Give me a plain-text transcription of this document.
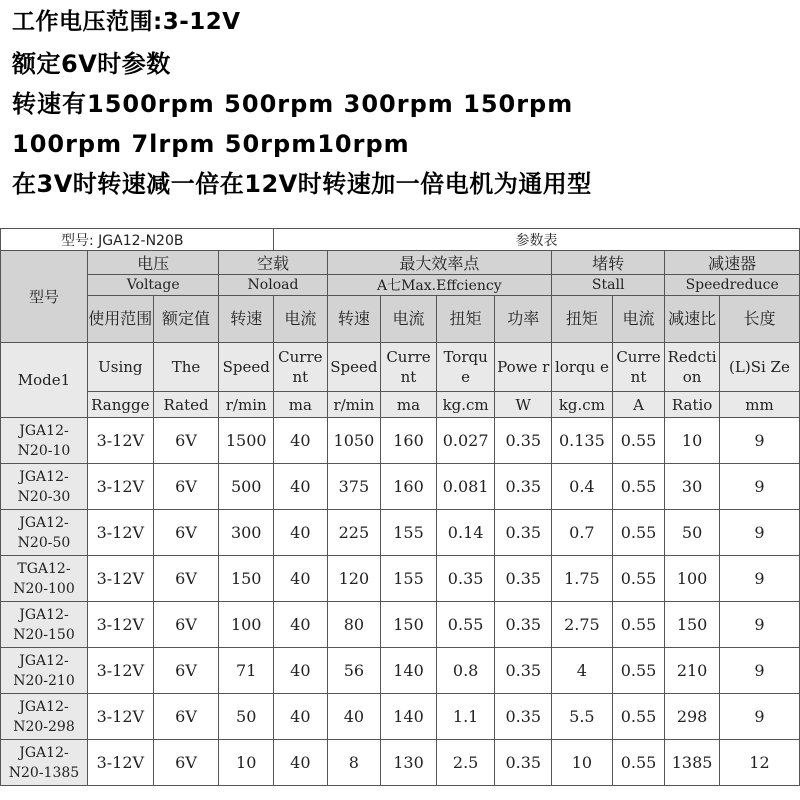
工作电压范围:3-12V
额定6V时参数
转速有1500rpm 500rpm 300rpm 150rpm
100rpm 7lrpm 50rpm10rpm
在3V时转速减一倍在12V时转速加一倍电机为通用型
型号: JGA12-N20B				参数表								
型号	电压		空载		最大效率点				堵转		减速器	
	Voltage		Noload		A七Max.Effciency				Stall		Speedreduce	
	使用范围	额定值	转速	电流	转速	电流	扭矩	功率	扭矩	电流	减速比	长度
Mode1	Using	The	Speed	Curre nt	Speed	Curre nt	Torqu e	Powe r	lorqu e	Curre nt	Redcti on	(L)Si Ze
	Rangge	Rated	r/min	ma	r/min	ma	kg.cm	W	kg.cm	A	Ratio	mm
JGA12-
N20-10	3-12V	6V	1500	40	1050	160	0.027	0.35	0.135	0.55	10	9
JGA12-
N20-30	3-12V	6V	500	40	375	160	0.081	0.35	0.4	0.55	30	9
JGA12-
N20-50	3-12V	6V	300	40	225	155	0.14	0.35	0.7	0.55	50	9
TGA12-
N20-100	3-12V	6V	150	40	120	155	0.35	0.35	1.75	0.55	100	9
JGA12-
N20-150	3-12V	6V	100	40	80	150	0.55	0.35	2.75	0.55	150	9
JGA12-
N20-210	3-12V	6V	71	40	56	140	0.8	0.35	4	0.55	210	9
JGA12-
N20-298	3-12V	6V	50	40	40	140	1.1	0.35	5.5	0.55	298	9
JGA12-
N20-1385	3-12V	6V	10	40	8	130	2.5	0.35	10	0.55	1385	12
